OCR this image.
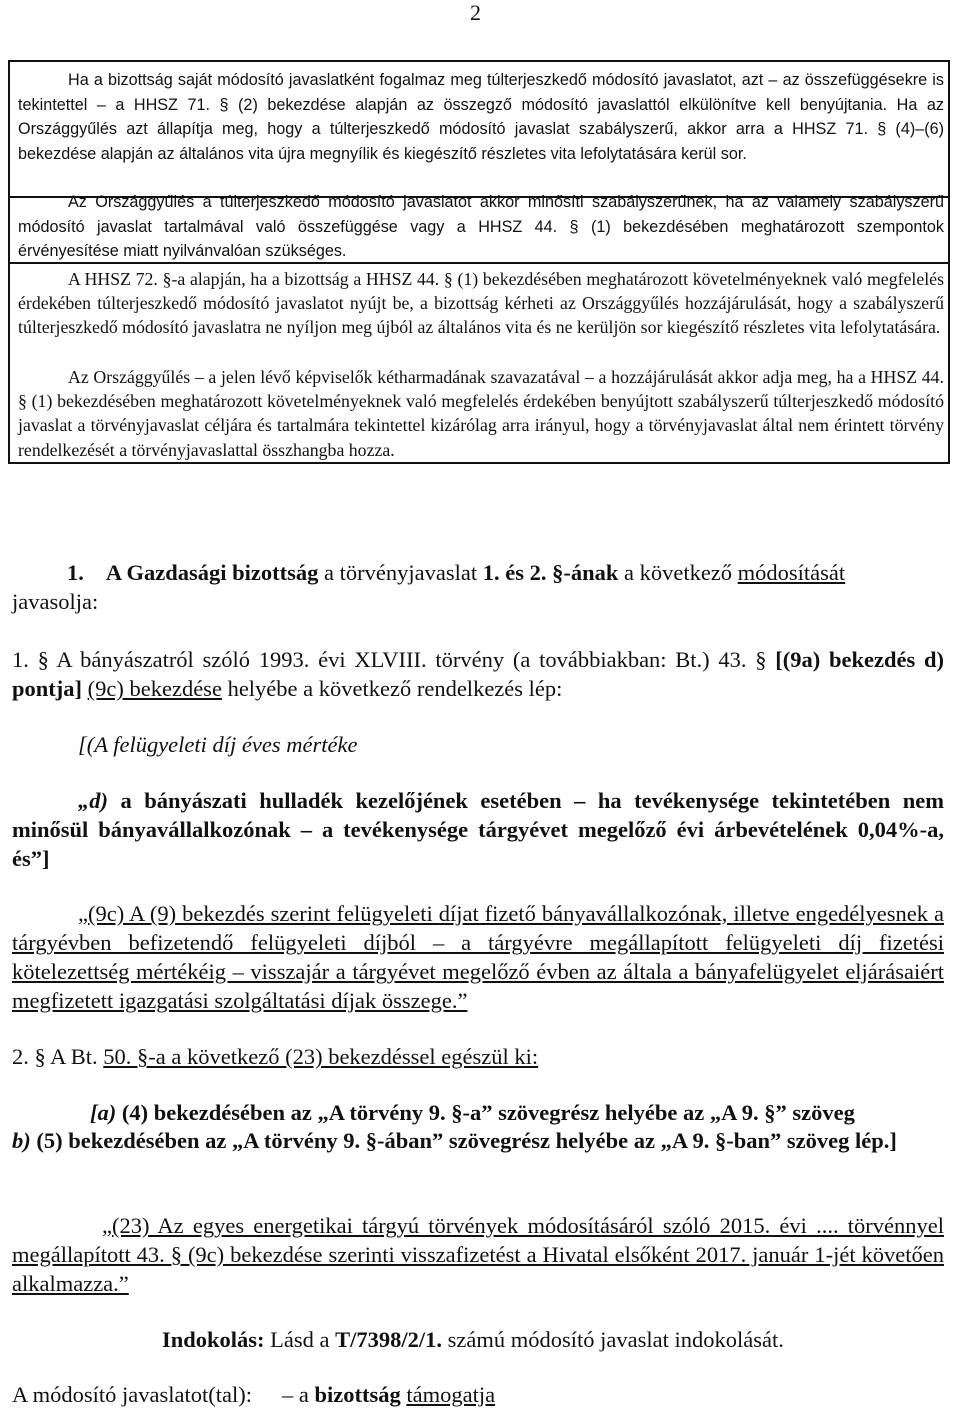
2

Ha a bizottság saját módosító javaslatként fogalmaz meg túlterjeszkedő módosító javaslatot, azt – az összefüggésekre is tekintettel – a HHSZ 71. § (2) bekezdése alapján az összegző módosító javaslattól elkülönítve kell benyújtania. Ha az Országgyűlés azt állapítja meg, hogy a túlterjeszkedő módosító javaslat szabályszerű, akkor arra a HHSZ 71. § (4)–(6) bekezdése alapján az általános vita újra megnyílik és kiegészítő részletes vita lefolytatására kerül sor.

Az Országgyűlés a túlterjeszkedő módosító javaslatot akkor minősíti szabályszerűnek, ha az valamely szabályszerű módosító javaslat tartalmával való összefüggése vagy a HHSZ 44. § (1) bekezdésében meghatározott szempontok érvényesítése miatt nyilvánvalóan szükséges.

A HHSZ 72. §-a alapján, ha a bizottság a HHSZ 44. § (1) bekezdésében meghatározott követelményeknek való megfelelés érdekében túlterjeszkedő módosító javaslatot nyújt be, a bizottság kérheti az Országgyűlés hozzájárulását, hogy a szabályszerű túlterjeszkedő módosító javaslatra ne nyíljon meg újból az általános vita és ne kerüljön sor kiegészítő részletes vita lefolytatására.

Az Országgyűlés – a jelen lévő képviselők kétharmadának szavazatával – a hozzájárulását akkor adja meg, ha a HHSZ 44. § (1) bekezdésében meghatározott követelményeknek való megfelelés érdekében benyújtott szabályszerű túlterjeszkedő módosító javaslat a törvényjavaslat céljára és tartalmára tekintettel kizárólag arra irányul, hogy a törvényjavaslat által nem érintett törvény rendelkezését a törvényjavaslattal összhangba hozza.

1. A Gazdasági bizottság a törvényjavaslat 1. és 2. §-ának a következő módosítását
javasolja:

1. § A bányászatról szóló 1993. évi XLVIII. törvény (a továbbiakban: Bt.) 43. § [(9a) bekezdés d) pontja] (9c) bekezdése helyébe a következő rendelkezés lép:

[(A felügyeleti díj éves mértéke

„d) a bányászati hulladék kezelőjének esetében – ha tevékenysége tekintetében nem minősül bányavállalkozónak – a tevékenysége tárgyévet megelőző évi árbevételének 0,04%-a, és”]

„(9c) A (9) bekezdés szerint felügyeleti díjat fizető bányavállalkozónak, illetve engedélyesnek a tárgyévben befizetendő felügyeleti díjból – a tárgyévre megállapított felügyeleti díj fizetési kötelezettség mértékéig – visszajár a tárgyévet megelőző évben az általa a bányafelügyelet eljárásaiért megfizetett igazgatási szolgáltatási díjak összege.”

2. § A Bt. 50. §-a a következő (23) bekezdéssel egészül ki:

[a) (4) bekezdésében az „A törvény 9. §-a” szövegrész helyébe az „A 9. §” szöveg

b) (5) bekezdésében az „A törvény 9. §-ában” szövegrész helyébe az „A 9. §-ban” szöveg lép.]

„(23) Az egyes energetikai tárgyú törvények módosításáról szóló 2015. évi .... törvénnyel megállapított 43. § (9c) bekezdése szerinti visszafizetést a Hivatal elsőként 2017. január 1-jét követően alkalmazza.”

Indokolás: Lásd a T/7398/2/1. számú módosító javaslat indokolását.

A módosító javaslatot(tal): – a bizottság támogatja
